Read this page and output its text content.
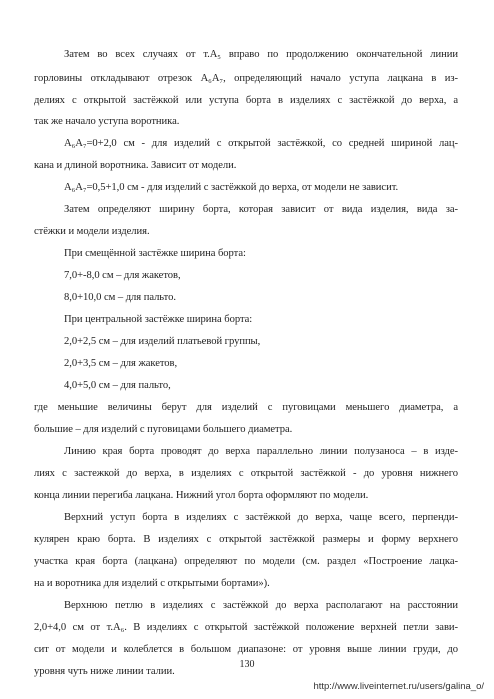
Затем во всех случаях от т.А₅ вправо по продолжению окончательной линии
горловины откладывают отрезок А₆А₇, определяющий начало уступа лацкана в из-
делиях с открытой застёжкой или уступа борта в изделиях с застёжкой до верха, а
так же начало уступа воротника.
А₆А₇=0+2,0 см - для изделий с открытой застёжкой, со средней шириной лац-
кана и длиной воротника. Зависит от модели.
А₆А₇=0,5+1,0 см - для изделий с застёжкой до верха, от модели не зависит.
Затем определяют ширину борта, которая зависит от вида изделия, вида за-
стёжки и модели изделия.
При смещённой застёжке ширина борта:
7,0+-8,0 см – для жакетов,
8,0+10,0 см – для пальто.
При центральной застёжке ширина борта:
2,0+2,5 см – для изделий платьевой группы,
2,0+3,5 см – для жакетов,
4,0+5,0 см – для пальто,
где меньшие величины берут для изделий с пуговицами меньшего диаметра, а
большие – для изделий с пуговицами большего диаметра.
Линию края борта проводят до верха параллельно линии полузаноса – в изде-
лиях с застежкой до верха, в изделиях с открытой застёжкой - до уровня нижнего
конца линии перегиба лацкана. Нижний угол борта оформляют по модели.
Верхний уступ борта в изделиях с застёжкой до верха, чаще всего, перпенди-
кулярен краю борта. В изделиях с открытой застёжкой размеры и форму верхнего
участка края борта (лацкана) определяют по модели (см. раздел «Построение лацка-
на и воротника для изделий с открытыми бортами»).
Верхнюю петлю в изделиях с застёжкой до верха располагают на расстоянии
2,0+4,0 см от т.А₆. В изделиях с открытой застёжкой положение верхней петли зави-
сит от модели и колеблется в большом диапазоне: от уровня выше линии груди, до
уровня чуть ниже линии талии.
130
http://www.liveinternet.ru/users/galina_o/
